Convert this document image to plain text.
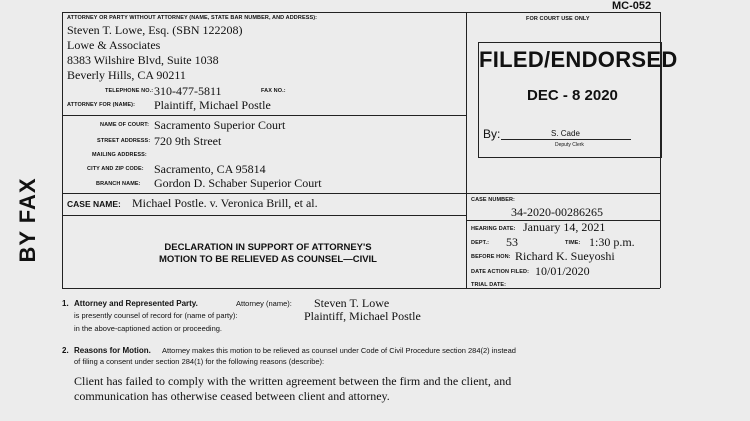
MC-052
BY FAX
ATTORNEY OR PARTY WITHOUT ATTORNEY (NAME, STATE BAR NUMBER, AND ADDRESS):
Steven T. Lowe, Esq. (SBN 122208)
Lowe & Associates
8383 Wilshire Blvd, Suite 1038
Beverly Hills, CA 90211
TELEPHONE NO.: 310-477-5811	FAX NO.:
ATTORNEY FOR (NAME): Plaintiff, Michael Postle
NAME OF COURT: Sacramento Superior Court
STREET ADDRESS: 720 9th Street
MAILING ADDRESS:
CITY AND ZIP CODE: Sacramento, CA 95814
BRANCH NAME: Gordon D. Schaber Superior Court
FOR COURT USE ONLY
FILED/ENDORSED
DEC - 8 2020
By:	S. Cade
Deputy Clerk
CASE NAME: Michael Postle. v. Veronica Brill, et al.	CASE NUMBER:
34-2020-00286265
HEARING DATE: January 14, 2021
DEPT.: 53	TIME: 1:30 p.m.
BEFORE HON: Richard K. Sueyoshi
DATE ACTION FILED: 10/01/2020
TRIAL DATE:
DECLARATION IN SUPPORT OF ATTORNEY'S
MOTION TO BE RELIEVED AS COUNSEL—CIVIL
1. Attorney and Represented Party.	Attorney (name): Steven T. Lowe
is presently counsel of record for (name of party):	Plaintiff, Michael Postle
in the above-captioned action or proceeding.
2. Reasons for Motion. Attorney makes this motion to be relieved as counsel under Code of Civil Procedure section 284(2) instead
of filing a consent under section 284(1) for the following reasons (describe):
Client has failed to comply with the written agreement between the firm and the client, and
communication has otherwise ceased between client and attorney.
